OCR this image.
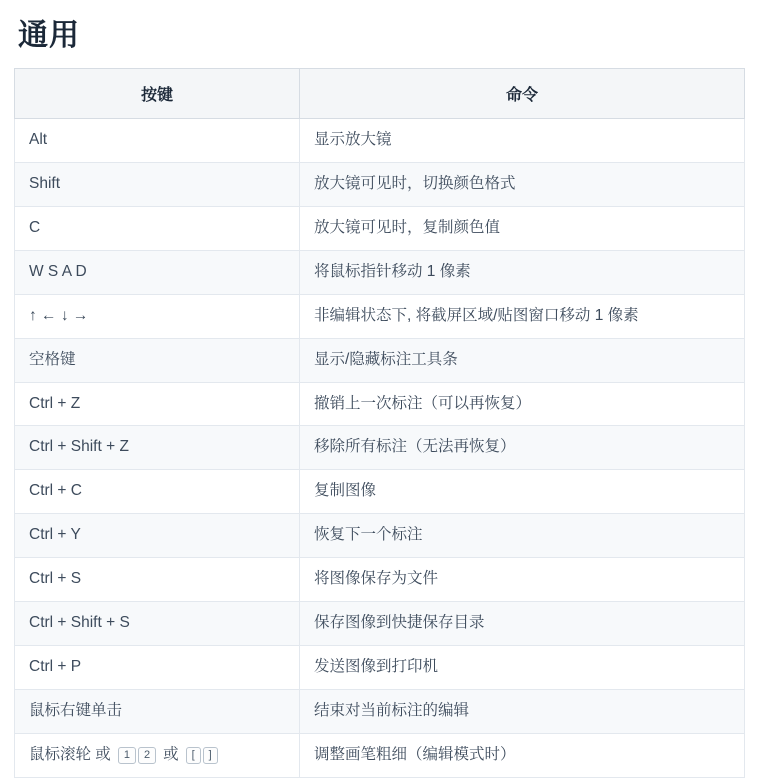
通用
按键	命令
Alt	显示放大镜
Shift	放大镜可见时，切换颜色格式
C	放大镜可见时，复制颜色值
W S A D	将鼠标指针移动 1 像素
↑ ← ↓ →	非编辑状态下, 将截屏区域/贴图窗口移动 1 像素
空格键	显示/隐藏标注工具条
Ctrl + Z	撤销上一次标注（可以再恢复）
Ctrl + Shift + Z	移除所有标注（无法再恢复）
Ctrl + C	复制图像
Ctrl + Y	恢复下一个标注
Ctrl + S	将图像保存为文件
Ctrl + Shift + S	保存图像到快捷保存目录
Ctrl + P	发送图像到打印机
鼠标右键单击	结束对当前标注的编辑
鼠标滚轮 或 1 2 或 [ ]	调整画笔粗细（编辑模式时）
